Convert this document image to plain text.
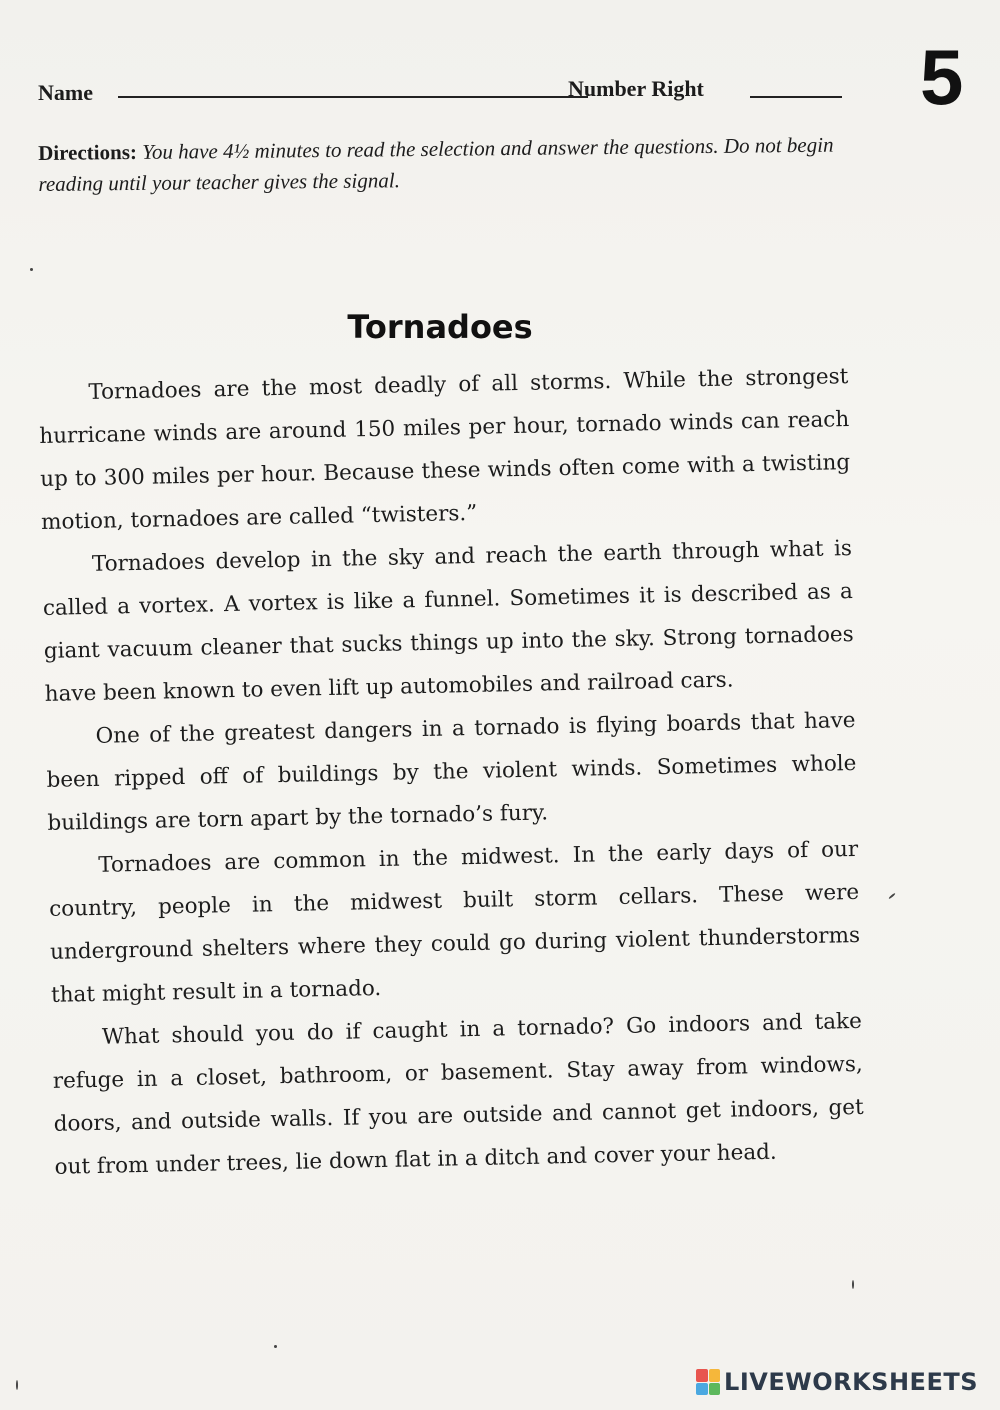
Name	Number Right	5
Directions: You have 4½ minutes to read the selection and answer the questions. Do not begin reading until your teacher gives the signal.
Tornadoes

Tornadoes are the most deadly of all storms. While the strongest hurricane winds are around 150 miles per hour, tornado winds can reach up to 300 miles per hour. Because these winds often come with a twisting motion, tornadoes are called “twisters.”

Tornadoes develop in the sky and reach the earth through what is called a vortex. A vortex is like a funnel. Sometimes it is described as a giant vacuum cleaner that sucks things up into the sky. Strong tornadoes have been known to even lift up automobiles and railroad cars.

One of the greatest dangers in a tornado is flying boards that have been ripped off of buildings by the violent winds. Sometimes whole buildings are torn apart by the tornado’s fury.

Tornadoes are common in the midwest. In the early days of our country, people in the midwest built storm cellars. These were underground shelters where they could go during violent thunderstorms that might result in a tornado.

What should you do if caught in a tornado? Go indoors and take refuge in a closet, bathroom, or basement. Stay away from windows, doors, and outside walls. If you are outside and cannot get indoors, get out from under trees, lie down flat in a ditch and cover your head.

LIVEWORKSHEETS
